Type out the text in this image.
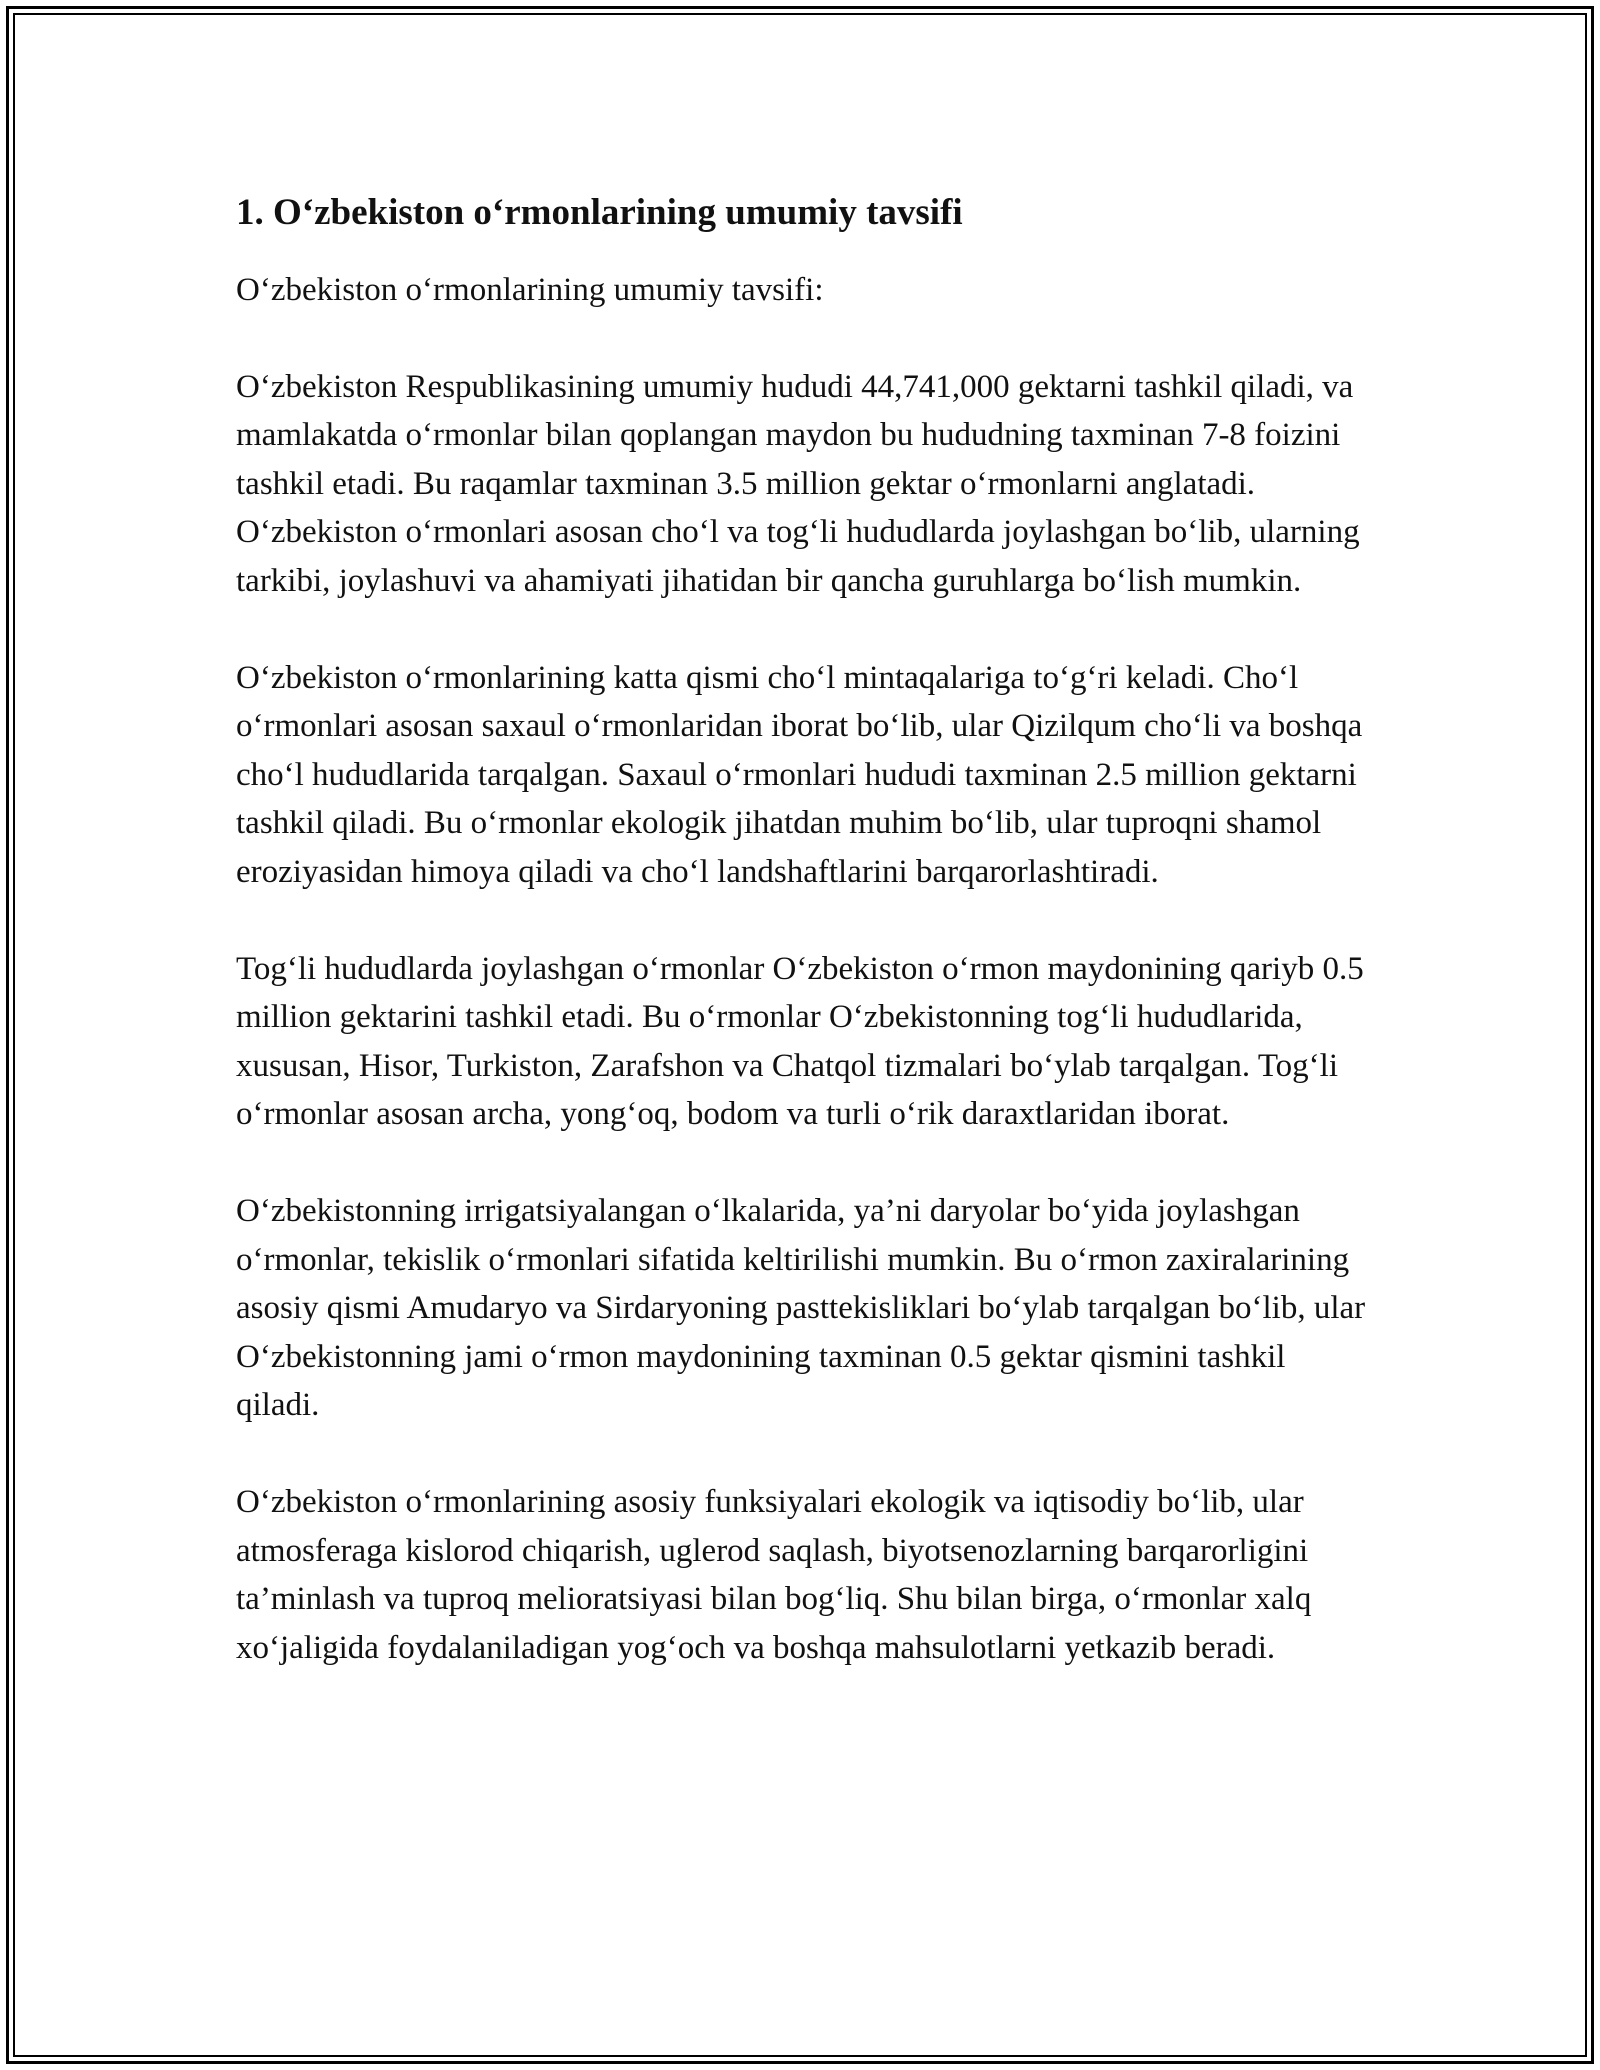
1. O‘zbekiston o‘rmonlarining umumiy tavsifi

O‘zbekiston o‘rmonlarining umumiy tavsifi:

O‘zbekiston Respublikasining umumiy hududi 44,741,000 gektarni tashkil qiladi, va mamlakatda o‘rmonlar bilan qoplangan maydon bu hududning taxminan 7-8 foizini tashkil etadi. Bu raqamlar taxminan 3.5 million gektar o‘rmonlarni anglatadi. O‘zbekiston o‘rmonlari asosan cho‘l va tog‘li hududlarda joylashgan bo‘lib, ularning tarkibi, joylashuvi va ahamiyati jihatidan bir qancha guruhlarga bo‘lish mumkin.

O‘zbekiston o‘rmonlarining katta qismi cho‘l mintaqalariga to‘g‘ri keladi. Cho‘l o‘rmonlari asosan saxaul o‘rmonlaridan iborat bo‘lib, ular Qizilqum cho‘li va boshqa cho‘l hududlarida tarqalgan. Saxaul o‘rmonlari hududi taxminan 2.5 million gektarni tashkil qiladi. Bu o‘rmonlar ekologik jihatdan muhim bo‘lib, ular tuproqni shamol eroziyasidan himoya qiladi va cho‘l landshaftlarini barqarorlashtiradi.

Tog‘li hududlarda joylashgan o‘rmonlar O‘zbekiston o‘rmon maydonining qariyb 0.5 million gektarini tashkil etadi. Bu o‘rmonlar O‘zbekistonning tog‘li hududlarida, xususan, Hisor, Turkiston, Zarafshon va Chatqol tizmalari bo‘ylab tarqalgan. Tog‘li o‘rmonlar asosan archa, yong‘oq, bodom va turli o‘rik daraxtlaridan iborat.

O‘zbekistonning irrigatsiyalangan o‘lkalarida, ya’ni daryolar bo‘yida joylashgan o‘rmonlar, tekislik o‘rmonlari sifatida keltirilishi mumkin. Bu o‘rmon zaxiralarining asosiy qismi Amudaryo va Sirdaryoning pasttekisliklari bo‘ylab tarqalgan bo‘lib, ular O‘zbekistonning jami o‘rmon maydonining taxminan 0.5 gektar qismini tashkil qiladi.

O‘zbekiston o‘rmonlarining asosiy funksiyalari ekologik va iqtisodiy bo‘lib, ular atmosferaga kislorod chiqarish, uglerod saqlash, biyotsenozlarning barqarorligini ta’minlash va tuproq melioratsiyasi bilan bog‘liq. Shu bilan birga, o‘rmonlar xalq xo‘jaligida foydalaniladigan yog‘och va boshqa mahsulotlarni yetkazib beradi.
